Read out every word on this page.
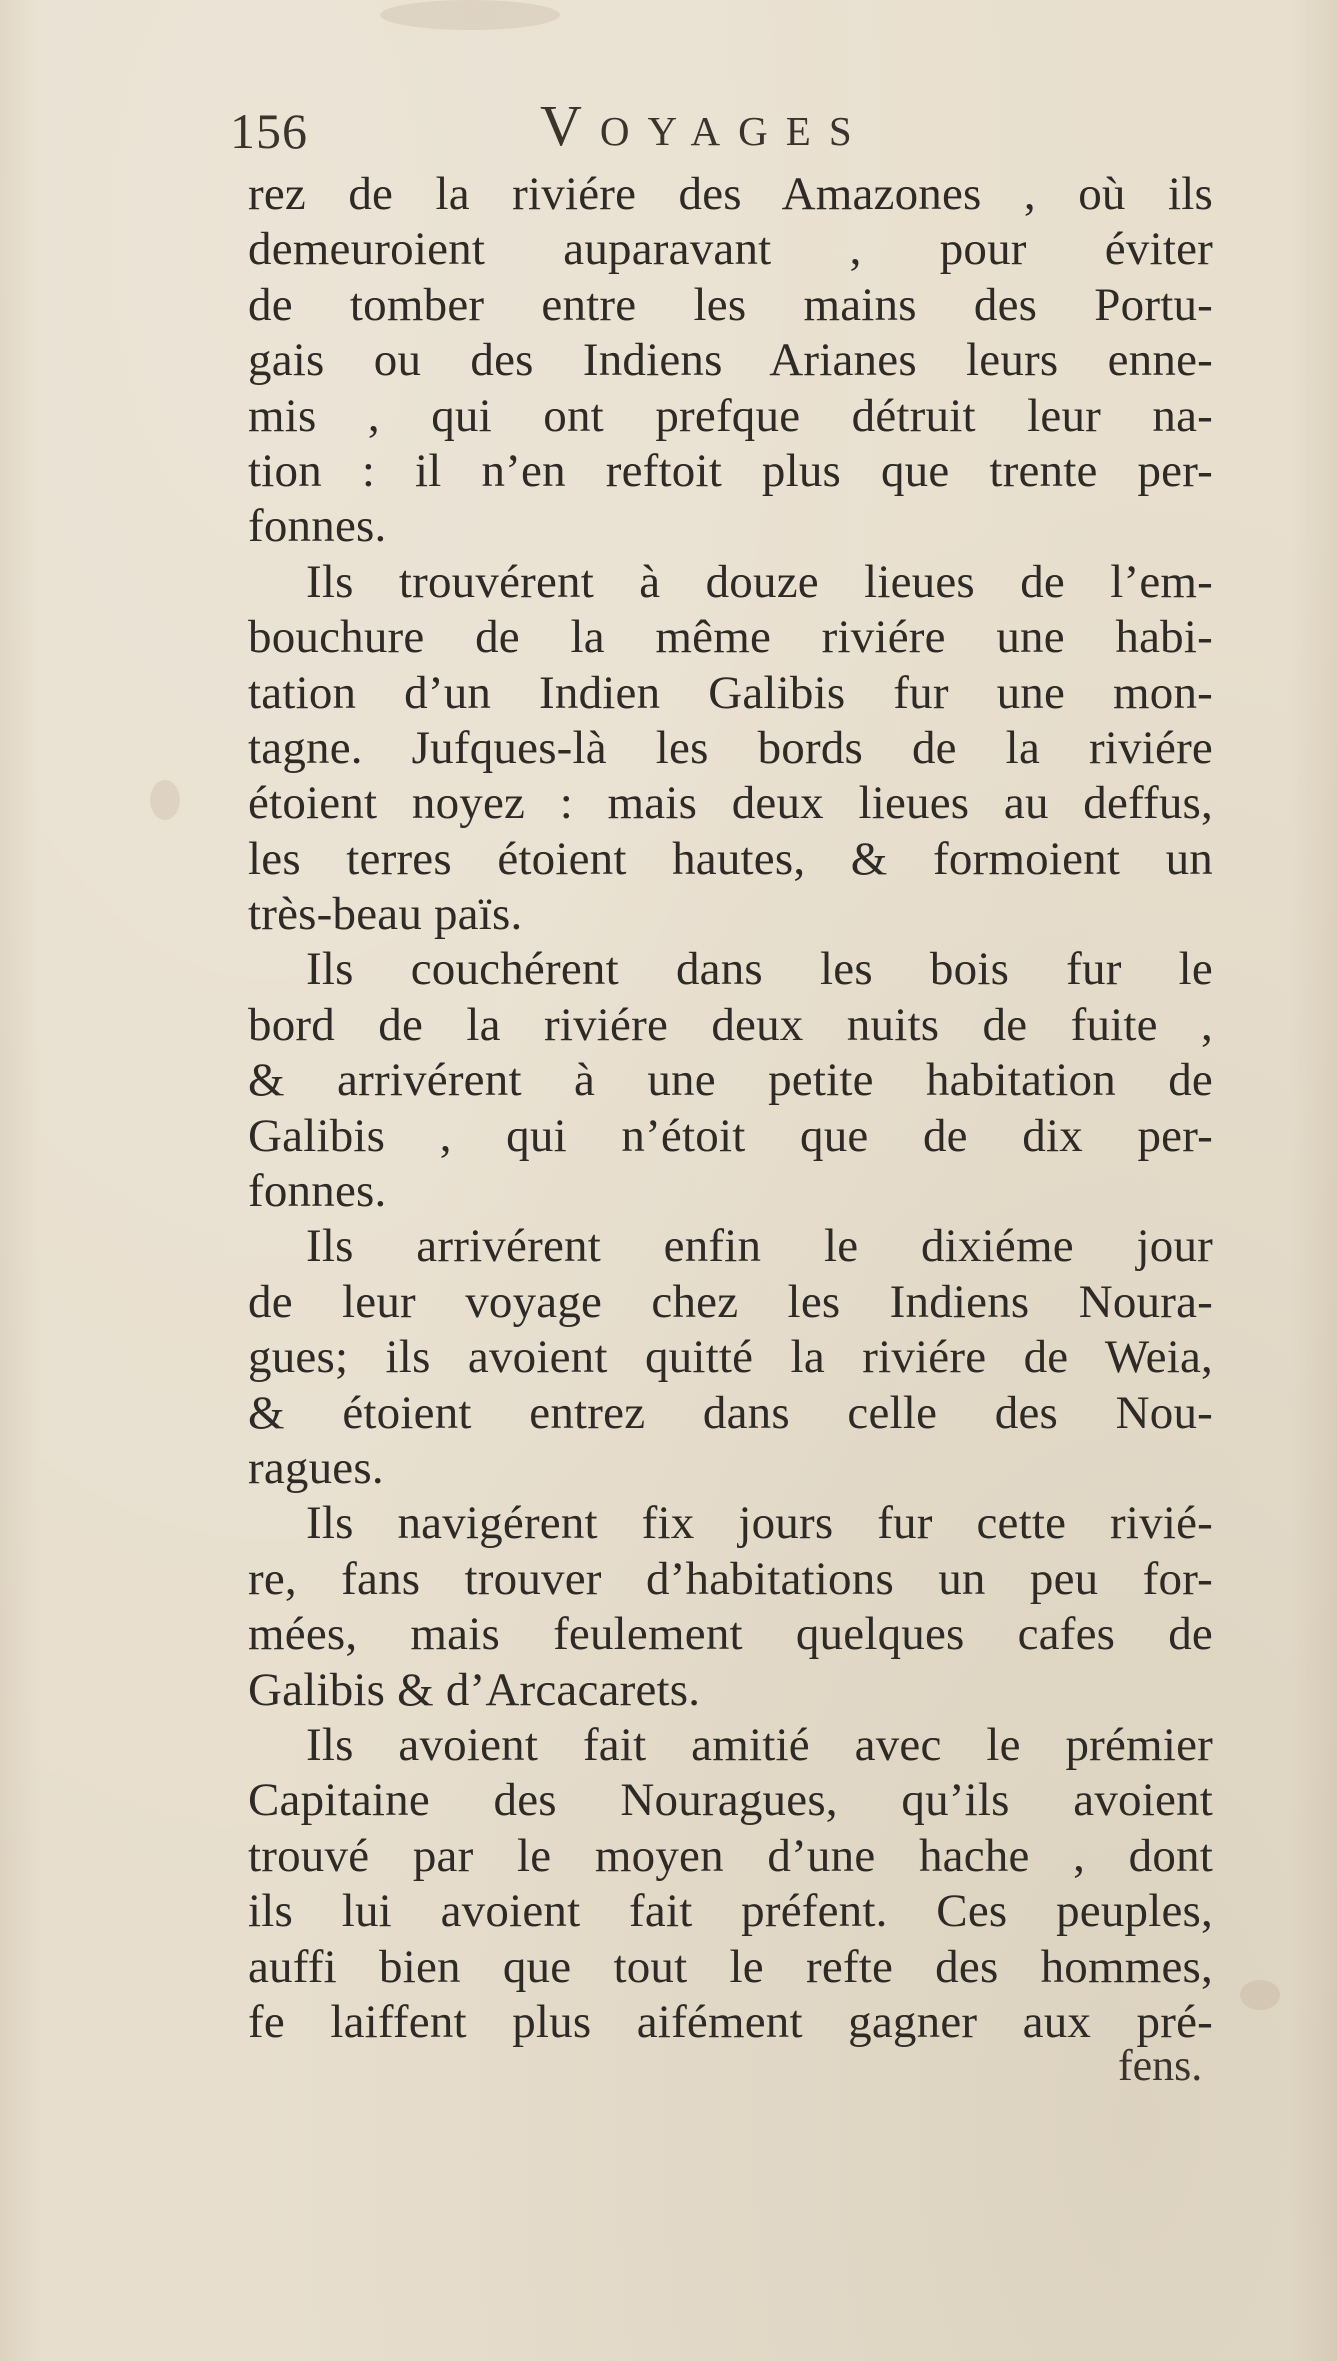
156	Voyages
rez de la riviére des Amazones , où ils
demeuroient auparavant , pour éviter
de tomber entre les mains des Portu-
gais ou des Indiens Arianes leurs enne-
mis , qui ont prefque détruit leur na-
tion : il n’en reftoit plus que trente per-
fonnes.
Ils trouvérent à douze lieues de l’em-
bouchure de la même riviére une habi-
tation d’un Indien Galibis fur une mon-
tagne. Jufques-là les bords de la riviére
étoient noyez : mais deux lieues au deffus,
les terres étoient hautes, & formoient un
très-beau païs.
Ils couchérent dans les bois fur le
bord de la riviére deux nuits de fuite ,
& arrivérent à une petite habitation de
Galibis , qui n’étoit que de dix per-
fonnes.
Ils arrivérent enfin le dixiéme jour
de leur voyage chez les Indiens Noura-
gues; ils avoient quitté la riviére de Weia,
& étoient entrez dans celle des Nou-
ragues.
Ils navigérent fix jours fur cette rivié-
re, fans trouver d’habitations un peu for-
mées, mais feulement quelques cafes de
Galibis & d’Arcacarets.
Ils avoient fait amitié avec le prémier
Capitaine des Nouragues, qu’ils avoient
trouvé par le moyen d’une hache , dont
ils lui avoient fait préfent. Ces peuples,
auffi bien que tout le refte des hommes,
fe laiffent plus aifément gagner aux pré-
fens.
